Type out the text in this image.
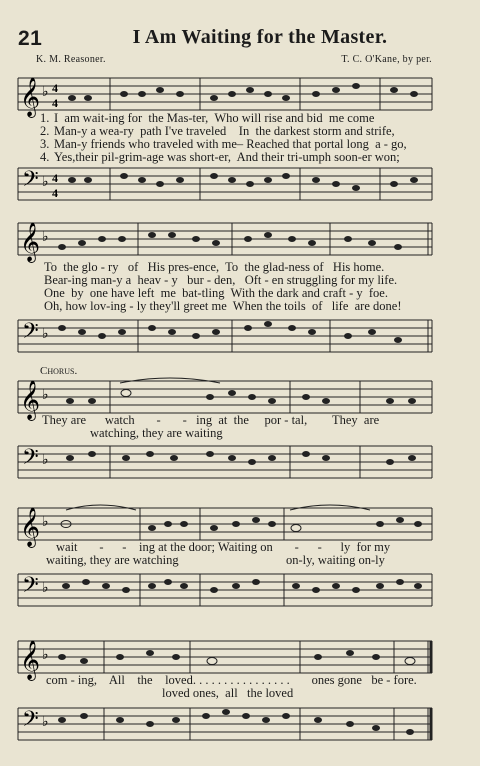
21	I Am Waiting for the Master.
K. M. Reasoner.	T. C. O'Kane, by per.
𝄞 ♭ 4
4
𝄢 ♭ 4
4
1. I  am wait-ing for  the Mas-ter,  Who will rise and bid  me come
2. Man-y a wea-ry  path I've traveled    In  the darkest storm and strife,
3. Man-y friends who traveled with me– Reached that portal long  a - go,
4. Yes,their pil-grim-age was short-er,  And their tri-umph soon-er won;
𝄞 ♭
𝄢 ♭
To  the glo - ry   of   His pres-ence,  To  the glad-ness of   His home.
Bear-ing man-y a  heav - y   bur - den,   Oft - en struggling for my life.
One  by  one have left  me  bat-tling  With the dark and craft - y  foe.
Oh, how lov-ing - ly they'll greet me  When the toils  of   life  are done!
Chorus.
𝄞 ♭
They are      watch       -       -   ing  at  the     por - tal,        They  are
watching, they are waiting
𝄢 ♭
𝄞 ♭
wait       -      -    ing at the door; Waiting on       -      -      ly  for my
waiting, they are watching	on-ly, waiting on-ly
𝄢 ♭
𝄞 ♭
com - ing,    All    the    loved. . . . . . . . . . . . . . . .       ones gone   be - fore.
loved ones,  all   the loved
𝄢 ♭
